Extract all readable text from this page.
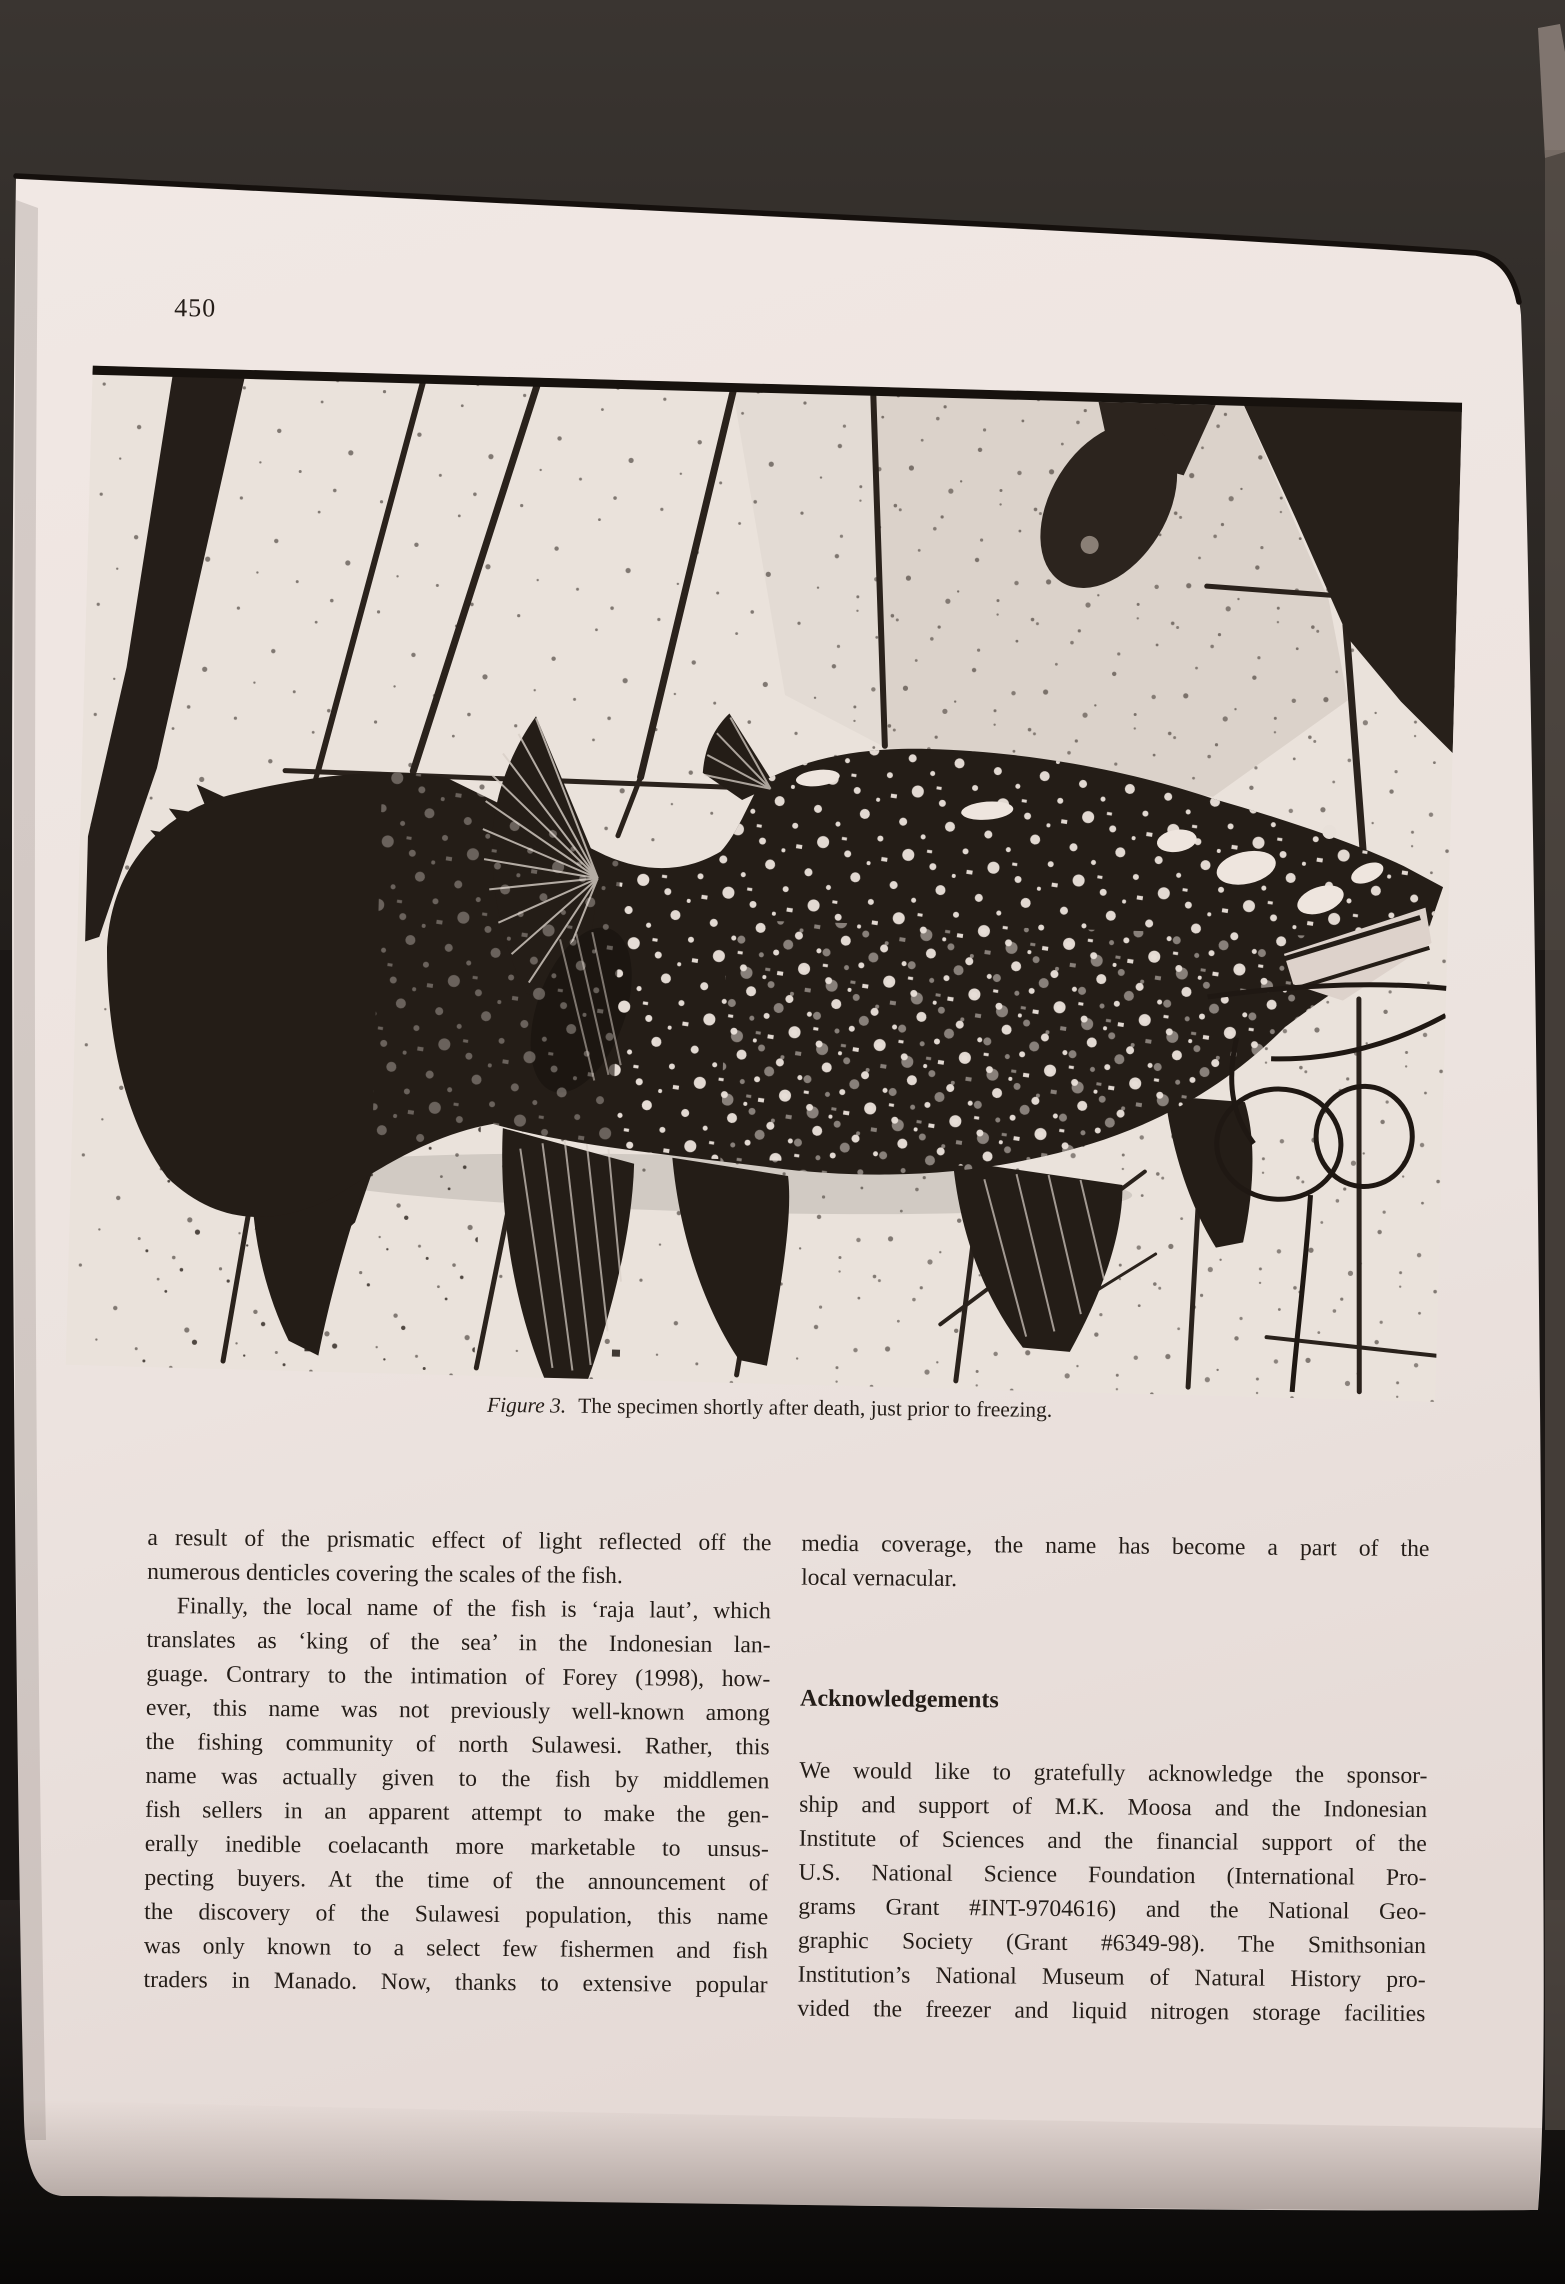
450
Figure 3. The specimen shortly after death, just prior to freezing.
a result of the prismatic effect of light reflected off the
numerous denticles covering the scales of the fish.
Finally, the local name of the fish is ‘raja laut’, which
translates as ‘king of the sea’ in the Indonesian lan-
guage. Contrary to the intimation of Forey (1998), how-
ever, this name was not previously well-known among
the fishing community of north Sulawesi. Rather, this
name was actually given to the fish by middlemen
fish sellers in an apparent attempt to make the gen-
erally inedible coelacanth more marketable to unsus-
pecting buyers. At the time of the announcement of
the discovery of the Sulawesi population, this name
was only known to a select few fishermen and fish
traders in Manado. Now, thanks to extensive popular
media coverage, the name has become a part of the
local vernacular.
Acknowledgements
We would like to gratefully acknowledge the sponsor-
ship and support of M.K. Moosa and the Indonesian
Institute of Sciences and the financial support of the
U.S. National Science Foundation (International Pro-
grams Grant #INT-9704616) and the National Geo-
graphic Society (Grant #6349-98). The Smithsonian
Institution’s National Museum of Natural History pro-
vided the freezer and liquid nitrogen storage facilities
